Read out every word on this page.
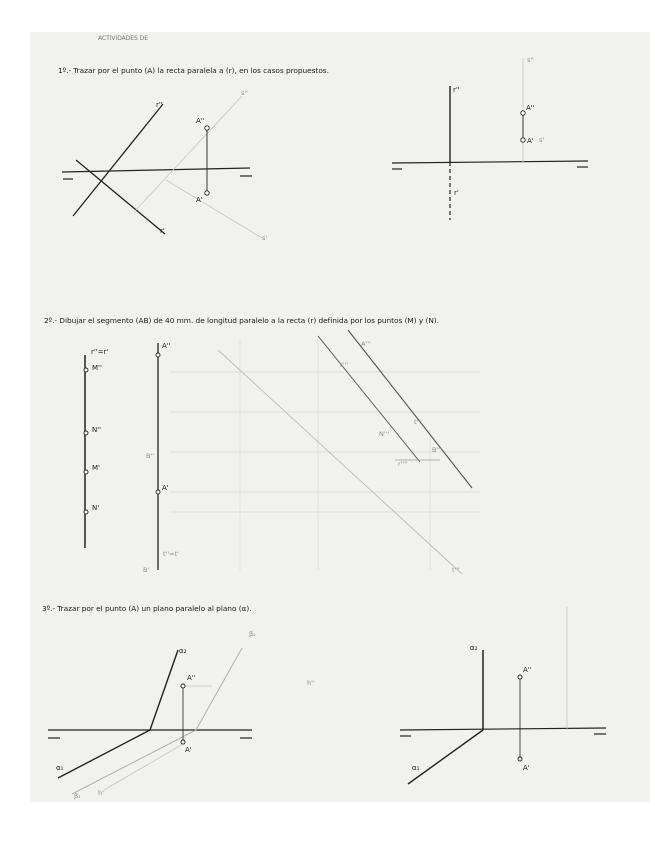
ACTIVIDADES DE
1º.- Trazar por el punto (A) la recta paralela a (r), en los casos propuestos.
2º.- Dibujar el segmento (AB) de 40 mm. de longitud paralelo a la recta (r) definida por los puntos (M) y (N).
3º.- Trazar por el punto (A) un plano paralelo al plano (α).
r''
r'
A''
A'
s''
s'
r''
r'
A''
A' s'
s''
r''=r'
M''
N''
M'
N'
A''
A'
B''
B'
t''=t'
A'''
r'''
N'''
t'''
B'''
r''''
t'''
α₂
α₁
β₂
β₁
A''
A'
h''
h'
α₂
α₁
A''
A'
